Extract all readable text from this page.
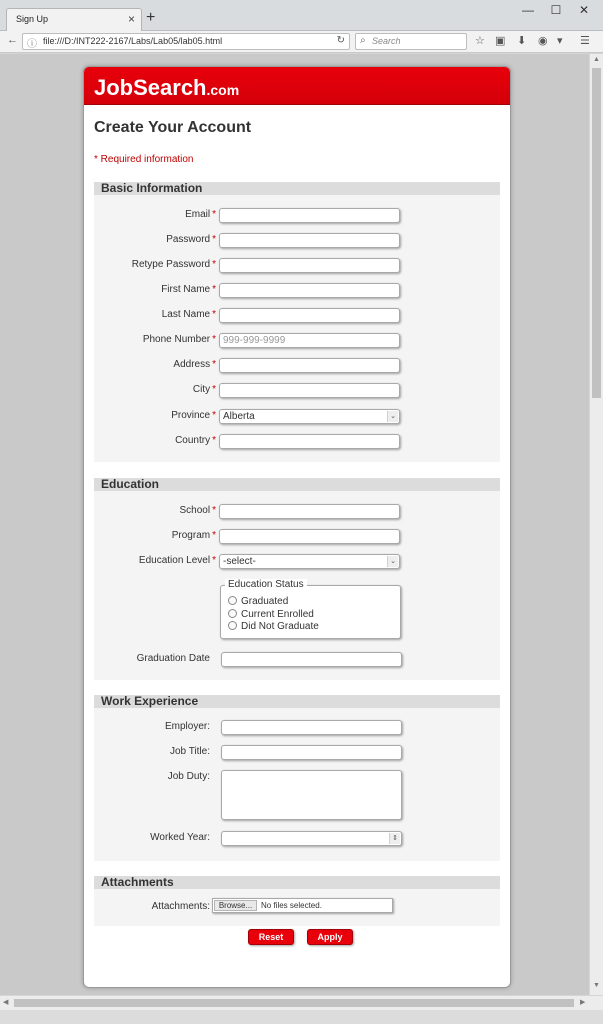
Sign Up	× +	—	☐	✕
← ⓘ file:///D:/INT222-2167/Labs/Lab05/lab05.html	↻ ⌕ Search	☆ ▣ ⬇ ◉ ▾ ☰
JobSearch.com
Create Your Account
* Required information
Basic Information
Email *
Password *
Retype Password *
First Name *
Last Name *
Phone Number * 999-999-9999
Address *
City *
Province * Alberta	⌄
Country *
Education
School *
Program *
Education Level * -select-	⌄
Education Status
Graduated
Current Enrolled
Did Not Graduate
Graduation Date
Work Experience
Employer:
Job Title:
Job Duty:
Worked Year:	⇕
Attachments
Attachments:	Browse...	No files selected.
Reset	Apply
▲
▼
◀	▶
